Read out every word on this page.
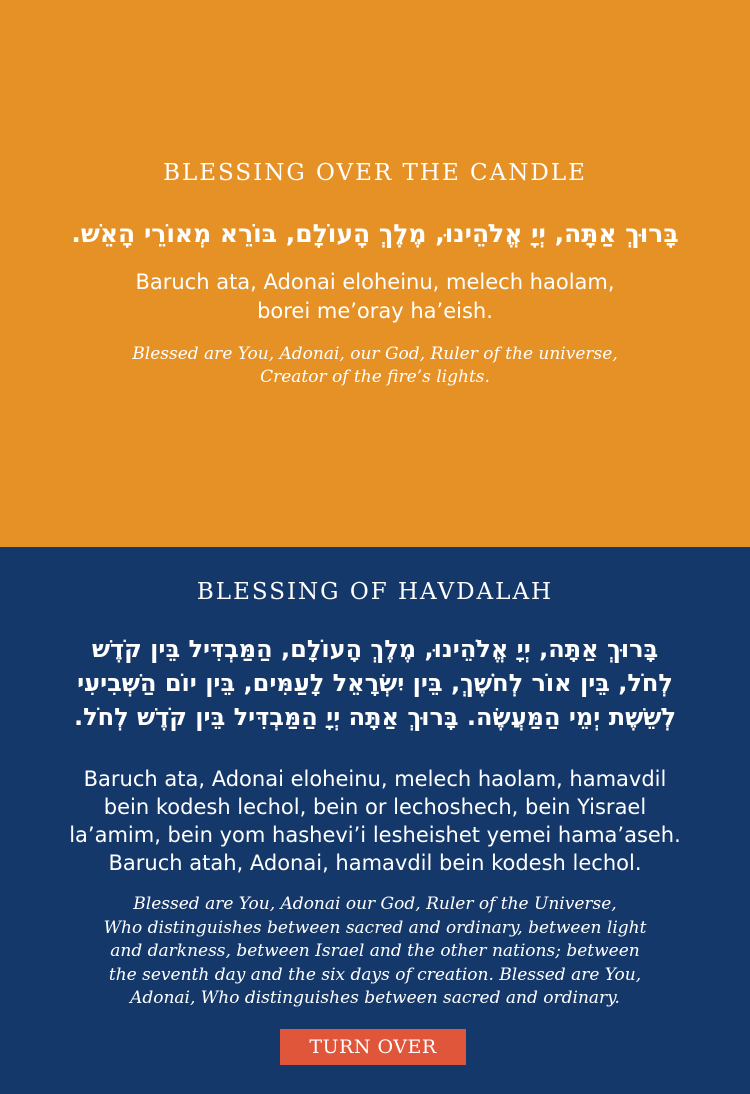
BLESSING OVER THE CANDLE

בָּרוּךְ אַתָּה, יְיָ אֱלֹהֵינוּ, מֶלֶךְ הָעוֹלָם, בּוֹרֵא מְאוֹרֵי הָאֵשׁ.

Baruch ata, Adonai eloheinu, melech haolam,
borei me’oray ha’eish.

Blessed are You, Adonai, our God, Ruler of the universe,
Creator of the fire’s lights.

BLESSING OF HAVDALAH

בָּרוּךְ אַתָּה, יְיָ אֱלֹהֵינוּ, מֶלֶךְ הָעוֹלָם, הַמַּבְדִּיל בֵּין קֹדֶשׁ
לְחֹל, בֵּין אוֹר לְחֹשֶׁךְ, בֵּין יִשְׂרָאֵל לָעַמִּים, בֵּין יוֹם הַשְּׁבִיעִי
לְשֵׁשֶׁת יְמֵי הַמַּעֲשֶׂה. בָּרוּךְ אַתָּה יְיָ הַמַּבְדִּיל בֵּין קֹדֶשׁ לְחֹל.

Baruch ata, Adonai eloheinu, melech haolam, hamavdil
bein kodesh lechol, bein or lechoshech, bein Yisrael
la’amim, bein yom hashevi’i lesheishet yemei hama’aseh.
Baruch atah, Adonai, hamavdil bein kodesh lechol.

Blessed are You, Adonai our God, Ruler of the Universe,
Who distinguishes between sacred and ordinary, between light
and darkness, between Israel and the other nations; between
the seventh day and the six days of creation. Blessed are You,
Adonai, Who distinguishes between sacred and ordinary.

TURN OVER
